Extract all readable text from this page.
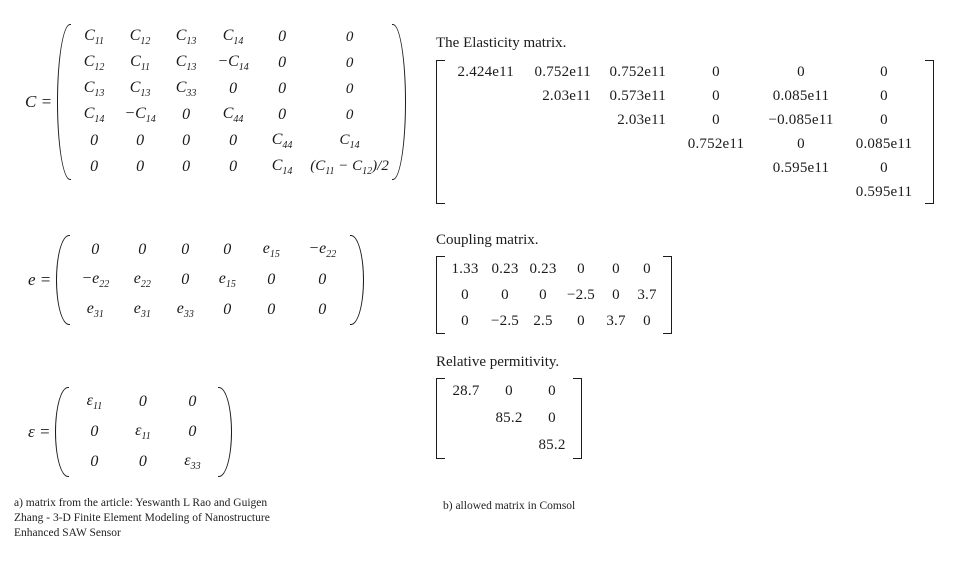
C =
$C_{11}$	$C_{12}$	$C_{13}$	$C_{14}$	0	0
$C_{12}$	$C_{11}$	$C_{13}$	$-C_{14}$	0	0
$C_{13}$	$C_{13}$	$C_{33}$	0	0	0
$C_{14}$	$-C_{14}$	0	$C_{44}$	0	0
0	0	0	0	$C_{44}$	$C_{14}$
0	0	0	0	$C_{14}$	$(C_{11} - C_{12})/2$
e =
0	0	0	0	$e_{15}$	$-e_{22}$
$-e_{22}$	$e_{22}$	0	$e_{15}$	0	0
$e_{31}$	$e_{31}$	$e_{33}$	0	0	0
ε =
$\varepsilon_{11}$	0	0
0	$\varepsilon_{11}$	0
0	0	$\varepsilon_{33}$
The Elasticity matrix.
2.424e11	0.752e11	0.752e11	0	0	0
	2.03e11	0.573e11	0	0.085e11	0
		2.03e11	0	−0.085e11	0
			0.752e11	0	0.085e11
				0.595e11	0
					0.595e11
Coupling matrix.
1.33	0.23	0.23	0	0	0
0	0	0	−2.5	0	3.7
0	−2.5	2.5	0	3.7	0
Relative permitivity.
28.7	0	0
	85.2	0
		85.2
a) matrix from the article: Yeswanth L Rao and Guigen
Zhang - 3-D Finite Element Modeling of Nanostructure
Enhanced SAW Sensor
b) allowed matrix in Comsol
